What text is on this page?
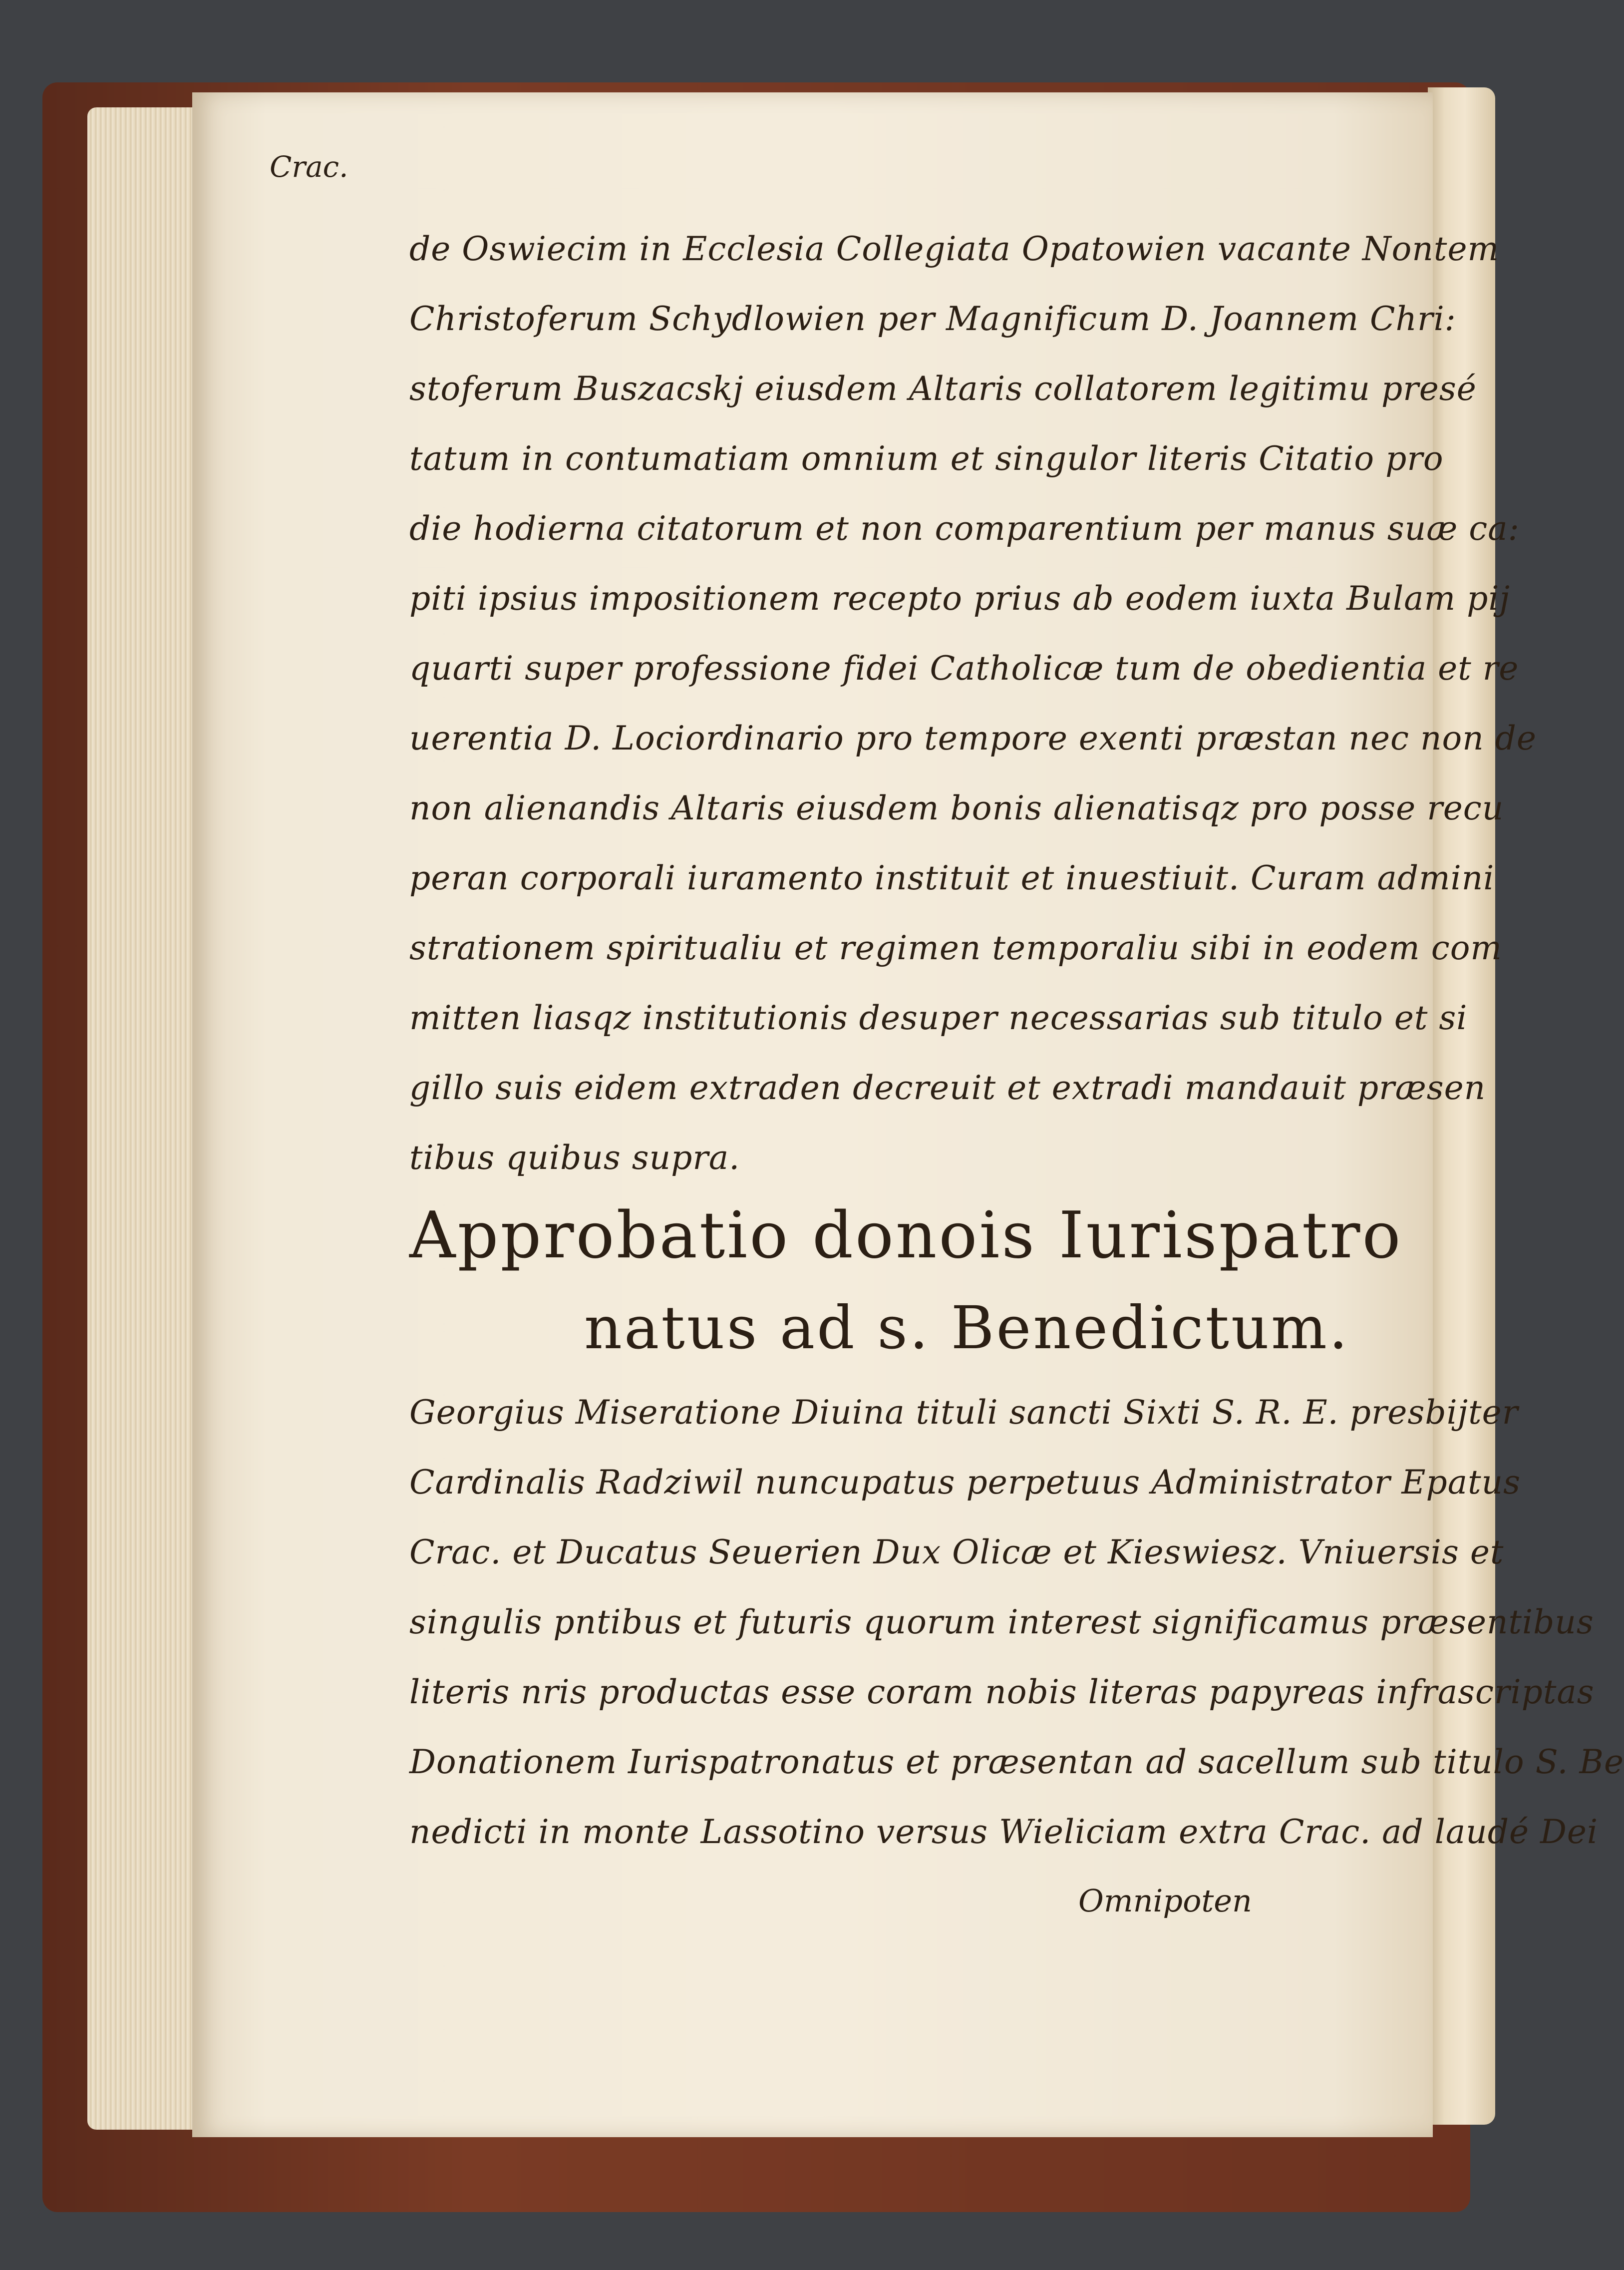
Crac.
de Oswiecim in Ecclesia Collegiata Opatowien vacante Nontem
Christoferum Schydlowien per Magnificum D. Joannem Chri:
stoferum Buszacskj eiusdem Altaris collatorem legitimu presé
tatum in contumatiam omnium et singulor literis Citatio pro
die hodierna citatorum et non comparentium per manus suæ ca:
piti ipsius impositionem recepto prius ab eodem iuxta Bulam pij
quarti super professione fidei Catholicæ tum de obedientia et re
uerentia D. Lociordinario pro tempore exenti præstan nec non de
non alienandis Altaris eiusdem bonis alienatisqz pro posse recu
peran corporali iuramento instituit et inuestiuit. Curam admini
strationem spiritualiu et regimen temporaliu sibi in eodem com
mitten liasqz institutionis desuper necessarias sub titulo et si
gillo suis eidem extraden decreuit et extradi mandauit præsen
tibus quibus supra.
Approbatio donois Iurispatro
natus ad s. Benedictum.
Georgius Miseratione Diuina tituli sancti Sixti S. R. E. presbijter
Cardinalis Radziwil nuncupatus perpetuus Administrator Epatus
Crac. et Ducatus Seuerien Dux Olicæ et Kieswiesz. Vniuersis et
singulis pntibus et futuris quorum interest significamus præsentibus
literis nris productas esse coram nobis literas papyreas infrascriptas
Donationem Iurispatronatus et præsentan ad sacellum sub titulo S. Be
nedicti in monte Lassotino versus Wieliciam extra Crac. ad laudé Dei
Omnipoten
